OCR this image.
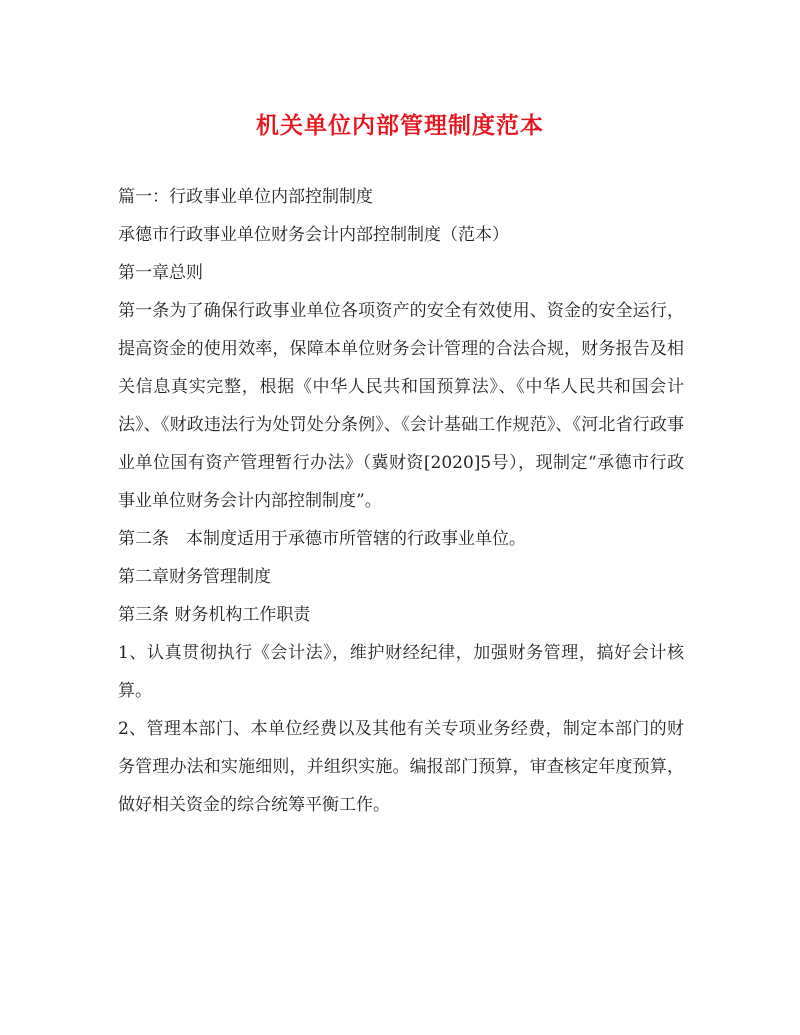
机关单位内部管理制度范本

篇一：行政事业单位内部控制制度

承德市行政事业单位财务会计内部控制制度（范本）

第一章总则

第一条为了确保行政事业单位各项资产的安全有效使用、资金的安全运行，提高资金的使用效率，保障本单位财务会计管理的合法合规，财务报告及相关信息真实完整，根据《中华人民共和国预算法》、《中华人民共和国会计法》、《财政违法行为处罚处分条例》、《会计基础工作规范》、《河北省行政事业单位国有资产管理暂行办法》（冀财资[2020]5号），现制定“承德市行政事业单位财务会计内部控制制度”。

第二条　本制度适用于承德市所管辖的行政事业单位。

第二章财务管理制度

第三条 财务机构工作职责

1、认真贯彻执行《会计法》，维护财经纪律，加强财务管理，搞好会计核算。

2、管理本部门、本单位经费以及其他有关专项业务经费，制定本部门的财务管理办法和实施细则，并组织实施。编报部门预算，审查核定年度预算，做好相关资金的综合统筹平衡工作。
